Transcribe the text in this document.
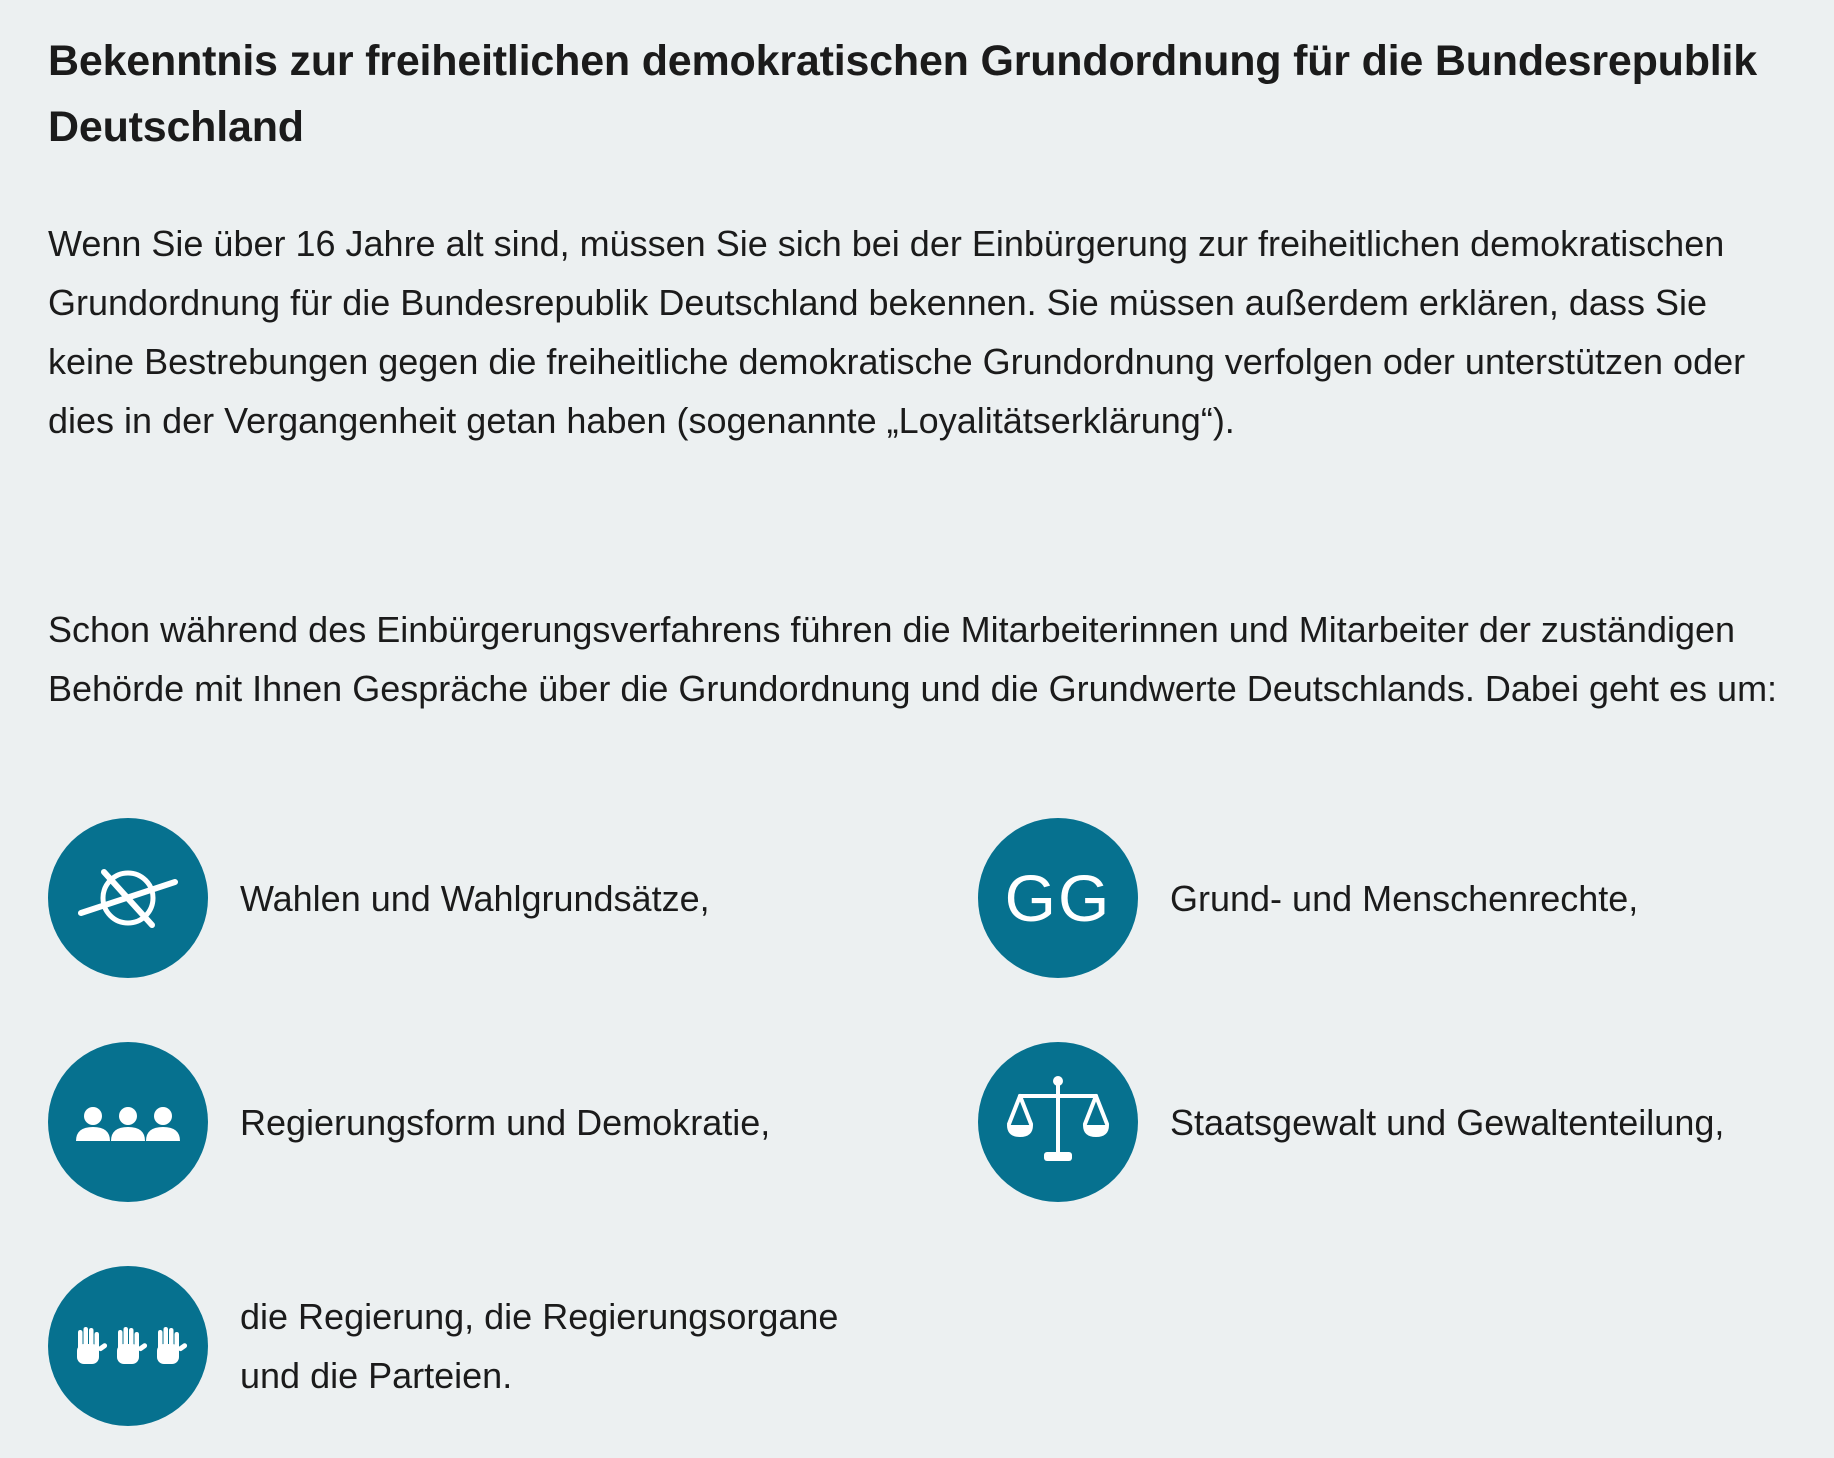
Bekenntnis zur freiheitlichen demokratischen Grundordnung für die Bundesrepublik Deutschland

Wenn Sie über 16 Jahre alt sind, müssen Sie sich bei der Einbürgerung zur freiheitlichen demokratischen Grundordnung für die Bundesrepublik Deutschland bekennen. Sie müssen außerdem erklären, dass Sie keine Bestrebungen gegen die freiheitliche demokratische Grundordnung verfolgen oder unterstützen oder dies in der Vergangenheit getan haben (sogenannte „Loyalitätserklärung“).

Schon während des Einbürgerungsverfahrens führen die Mitarbeiterinnen und Mitarbeiter der zuständigen Behörde mit Ihnen Gespräche über die Grundordnung und die Grundwerte Deutschlands. Dabei geht es um:

Wahlen und Wahlgrundsätze,	GG Grund- und Menschenrechte,
Regierungsform und Demokratie,	Staatsgewalt und Gewaltenteilung,
die Regierung, die Regierungsorgane
und die Parteien.
